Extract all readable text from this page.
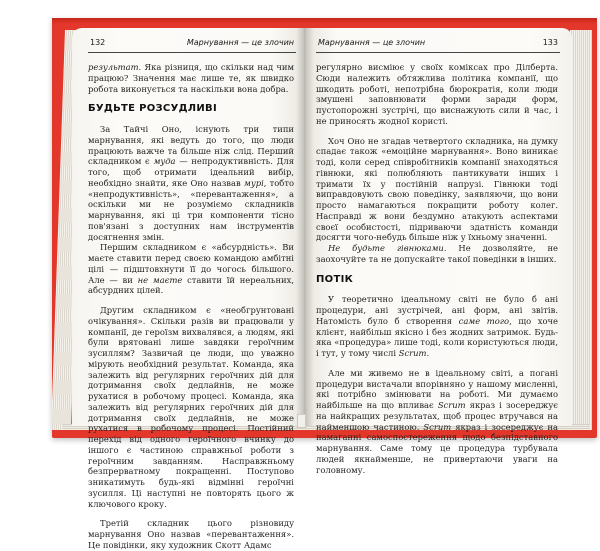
132	Марнування — це злочин

результат. Яка різниця, що скільки над чим працюю? Значення має лише те, як швидко робота виконується та наскільки вона добра.

БУДЬТЕ РОЗСУДЛИВІ

За Тайчі Оно, існують три типи марнування, які ведуть до того, що люди працюють важче та більше ніж слід. Перший складником є муда — непродуктивність. Для того, щоб отримати ідеальний вибір, необхідно знайти, яке Оно назвав мурі, тобто «непродуктивність», «перевантаження», а оскільки ми не розуміємо складників марнування, які ці три компоненти тісно пов'язані з доступних нам інструментів досягнення змін.

Першим складником є «абсурдність». Ви маєте ставити перед своєю командою амбітні цілі — підштовхнути її до чогось більшого. Але — ви не маєте ставити їй нереальних, абсурдних цілей.

Другим складником є «необгрунтовані очікування». Скільки разів ви працювали у компанії, де героїзм вихвалявся, а людям, які були врятовані лише завдяки героїчним зусиллям? Зазвичай це люди, що уважно мірують необхідний результат. Команда, яка залежить від регулярних героїчних дій для дотримання своїх дедлайнів, не може рухатися в робочому процесі. Команда, яка залежить від регулярних героїчних дій для дотримання своїх дедлайнів, не може рухатися в робочому процесі. Постійний перехід від одного героїчного вчинку до іншого є частиною справжньої роботи з героїчним завданням. Насправжньому безпрерватному покращенні. Поступово зникатимуть будь-які відмінні героїчні зусилля. Ці наступні не повторять цього ж ключового кроку.

Третій складник цього різновиду марнування Оно назвав «перевантаження». Це повідінки, яку художник Скотт Адамс

Марнування — це злочин	133

регулярно висміює у своїх коміксах про Ділберта. Сюди належить обтяжлива політика компанії, що шкодить роботі, непотрібна бюрократія, коли люди змушені заповнювати форми заради форм, пустопорожні зустрічі, що виснажують сили й час, і не приносять жодної користі.

Хоч Оно не згадав четвертого складника, на думку спадає також «емоційне марнування». Воно виникає тоді, коли серед співробітників компанії знаходяться гівнюки, які полюбляють пантикувати інших і тримати їх у постійній напрузі. Гівнюки тоді виправдовують свою поведінку, заявляючи, що вони просто намагаються покращити роботу колег. Насправді ж вони бездумно атакують аспектами своєї особистості, підриваючи здатність команди досягти чого-небудь більше ніж у їхньому значенні.

Не будьте гівнюками. Не дозволяйте, не заохочуйте та не допускайте такої поведінки в інших.

ПОТІК

У теоретично ідеальному світі не було б ані процедури, ані зустрічей, ані форм, ані звітів. Натомість було б створення саме того, що хоче клієнт, найбільш якісно і без жодних затримок. Будь-яка «процедура» лише тоді, коли користуються люди, і тут, у тому числі Scrum.

Але ми живемо не в ідеальному світі, а погані процедури вистачали впорівняно у нашому мисленні, які потрібно змінювати на роботі. Ми думаємо найбільше на що впливає Scrum якраз і зосереджує на найкращих результатах, щоб процес втручався на найменшою частиною. Scrum якраз і зосереджує на намаганні самоспостереження щодо безпідставного марнування. Саме тому це процедура турбувала людей якнайменше, не привертаючи уваги на головному.
